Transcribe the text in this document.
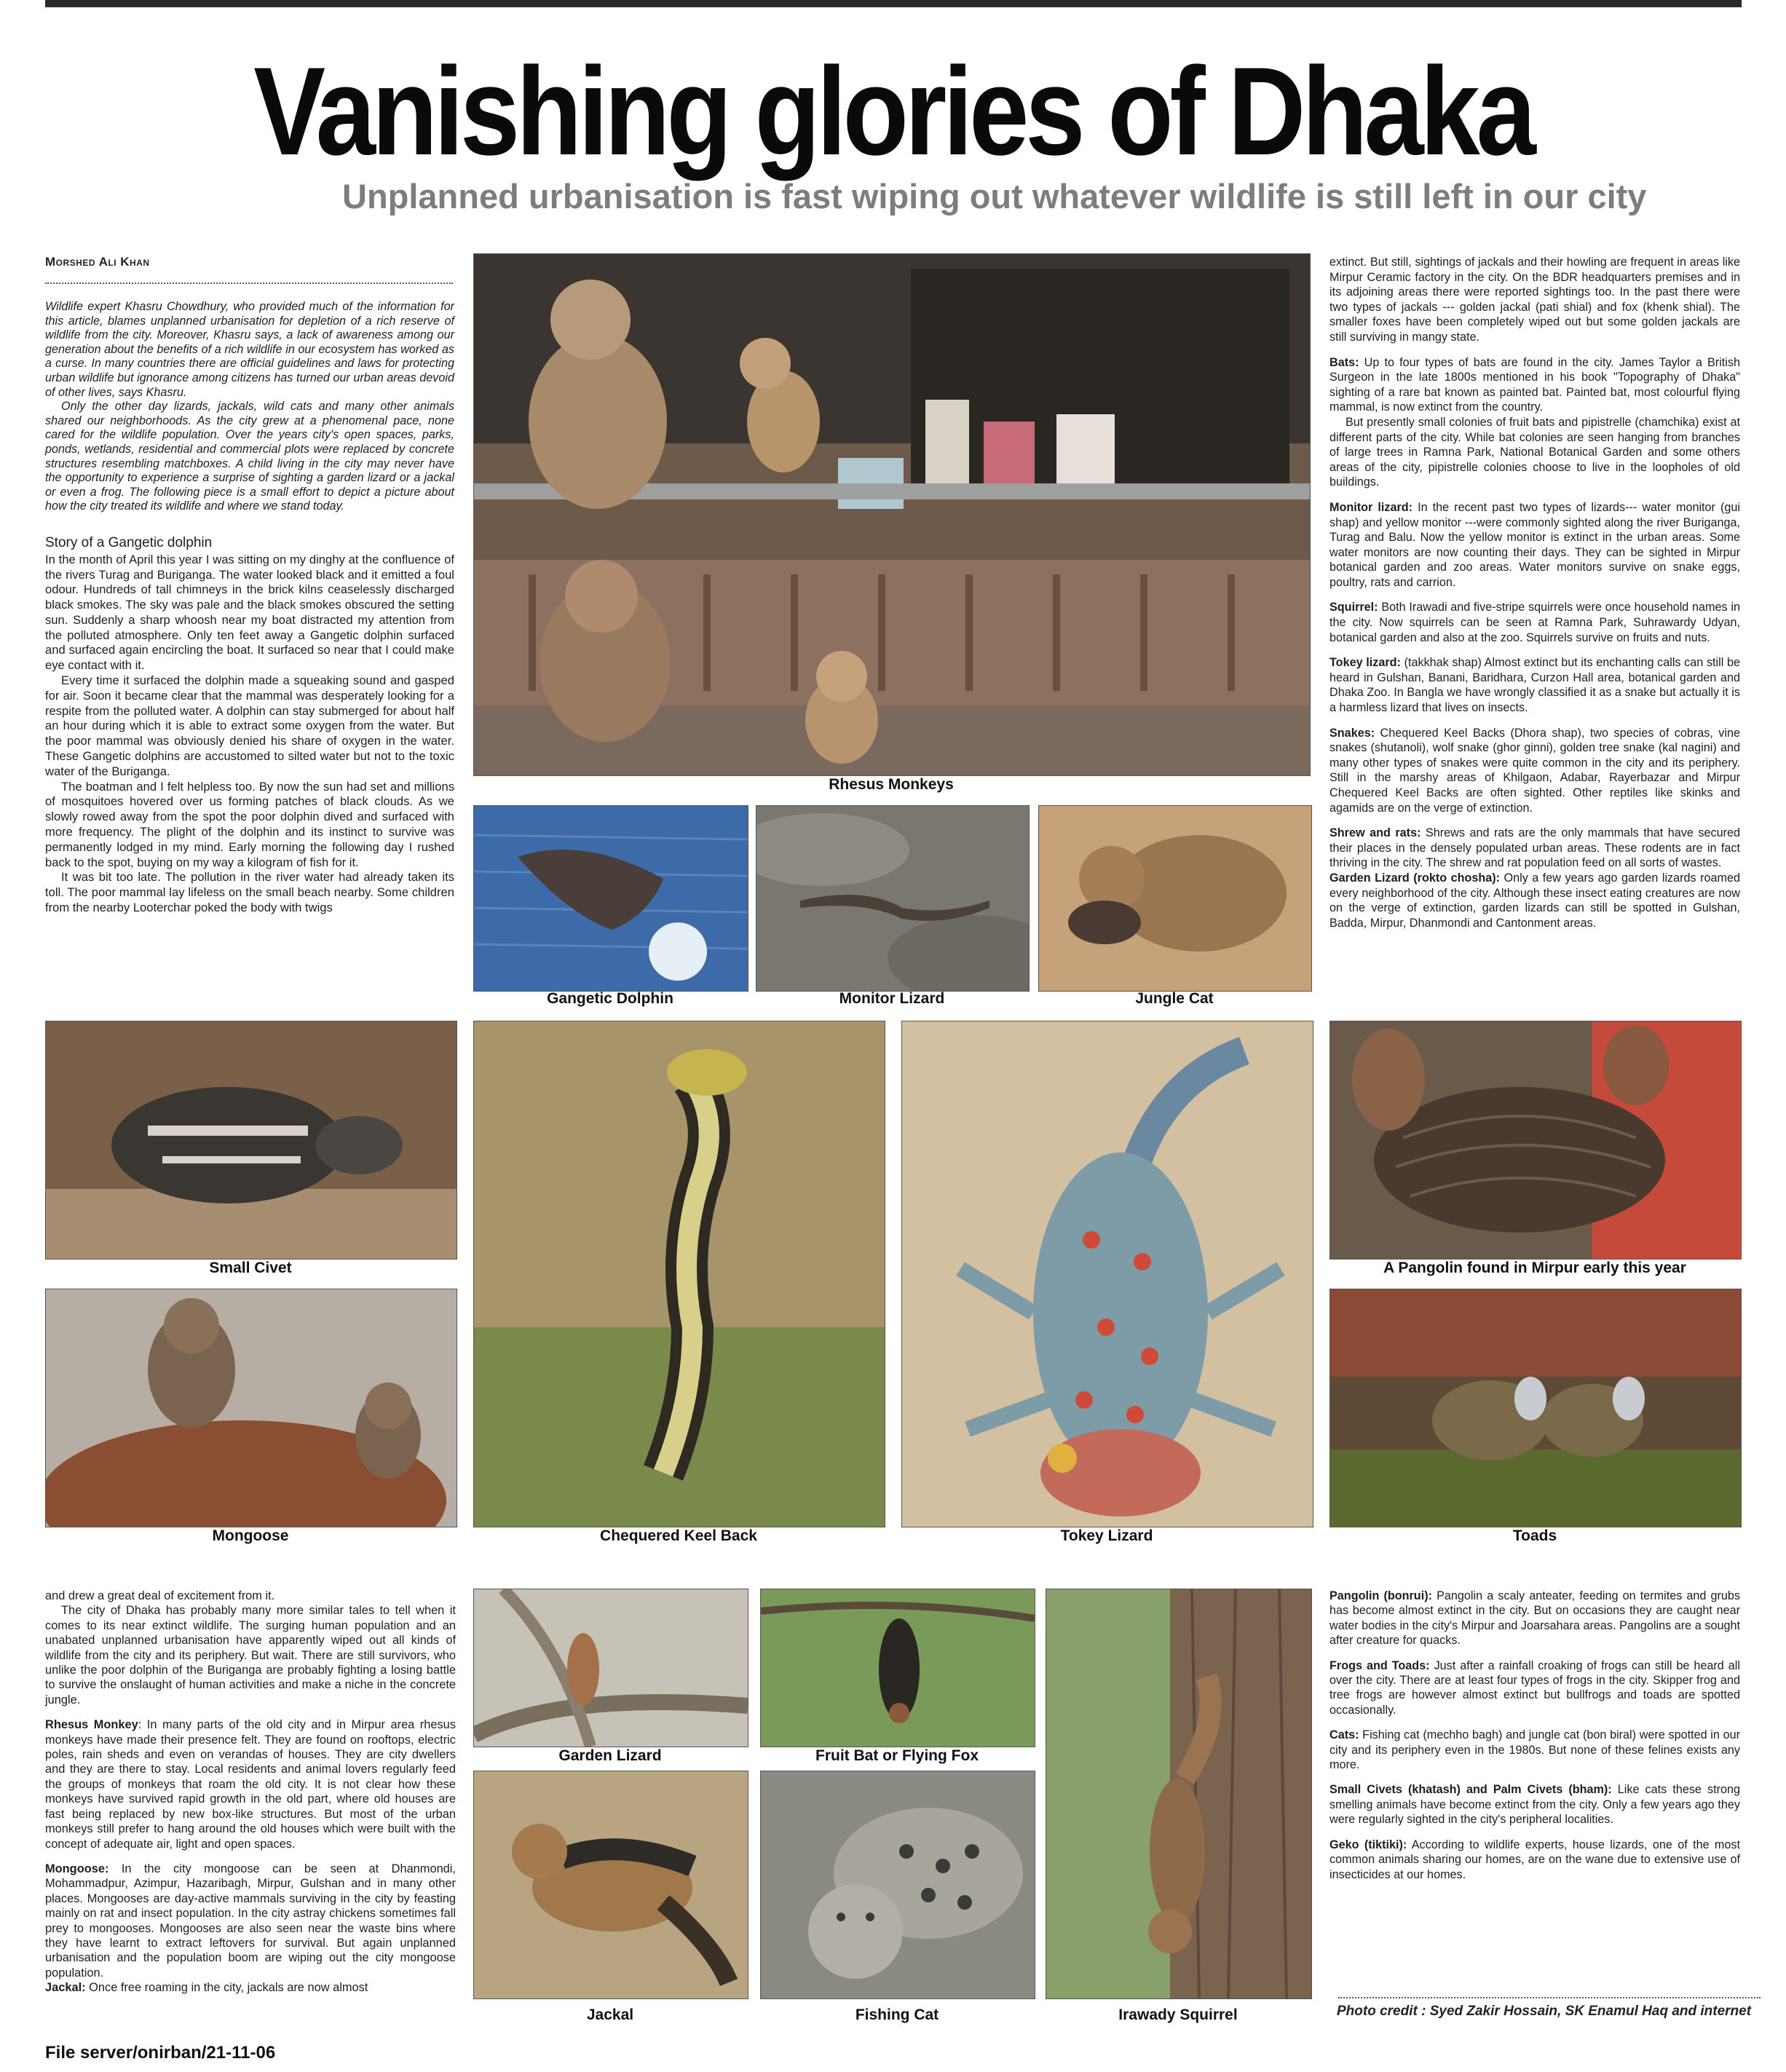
Vanishing glories of Dhaka
Unplanned urbanisation is fast wiping out whatever wildlife is still left in our city
Morshed Ali Khan

Wildlife expert Khasru Chowdhury, who provided much of the information for this article, blames unplanned urbanisation for depletion of a rich reserve of wildlife from the city. Moreover, Khasru says, a lack of awareness among our generation about the benefits of a rich wildlife in our ecosystem has worked as a curse. In many countries there are official guidelines and laws for protecting urban wildlife but ignorance among citizens has turned our urban areas devoid of other lives, says Khasru.

Only the other day lizards, jackals, wild cats and many other animals shared our neighborhoods. As the city grew at a phenomenal pace, none cared for the wildlife population. Over the years city's open spaces, parks, ponds, wetlands, residential and commercial plots were replaced by concrete structures resembling matchboxes. A child living in the city may never have the opportunity to experience a surprise of sighting a garden lizard or a jackal or even a frog. The following piece is a small effort to depict a picture about how the city treated its wildlife and where we stand today.

Story of a Gangetic dolphin

In the month of April this year I was sitting on my dinghy at the confluence of the rivers Turag and Buriganga. The water looked black and it emitted a foul odour. Hundreds of tall chimneys in the brick kilns ceaselessly discharged black smokes. The sky was pale and the black smokes obscured the setting sun. Suddenly a sharp whoosh near my boat distracted my attention from the polluted atmosphere. Only ten feet away a Gangetic dolphin surfaced and surfaced again encircling the boat. It surfaced so near that I could make eye contact with it.

Every time it surfaced the dolphin made a squeaking sound and gasped for air. Soon it became clear that the mammal was desperately looking for a respite from the polluted water. A dolphin can stay submerged for about half an hour during which it is able to extract some oxygen from the water. But the poor mammal was obviously denied his share of oxygen in the water. These Gangetic dolphins are accustomed to silted water but not to the toxic water of the Buriganga.

The boatman and I felt helpless too. By now the sun had set and millions of mosquitoes hovered over us forming patches of black clouds. As we slowly rowed away from the spot the poor dolphin dived and surfaced with more frequency. The plight of the dolphin and its instinct to survive was permanently lodged in my mind. Early morning the following day I rushed back to the spot, buying on my way a kilogram of fish for it.

It was bit too late. The pollution in the river water had already taken its toll. The poor mammal lay lifeless on the small beach nearby. Some children from the nearby Looterchar poked the body with twigs

extinct. But still, sightings of jackals and their howling are frequent in areas like Mirpur Ceramic factory in the city. On the BDR headquarters premises and in its adjoining areas there were reported sightings too. In the past there were two types of jackals --- golden jackal (pati shial) and fox (khenk shial). The smaller foxes have been completely wiped out but some golden jackals are still surviving in mangy state.

Bats: Up to four types of bats are found in the city. James Taylor a British Surgeon in the late 1800s mentioned in his book "Topography of Dhaka" sighting of a rare bat known as painted bat. Painted bat, most colourful flying mammal, is now extinct from the country.

But presently small colonies of fruit bats and pipistrelle (chamchika) exist at different parts of the city. While bat colonies are seen hanging from branches of large trees in Ramna Park, National Botanical Garden and some others areas of the city, pipistrelle colonies choose to live in the loopholes of old buildings.

Monitor lizard: In the recent past two types of lizards--- water monitor (gui shap) and yellow monitor ---were commonly sighted along the river Buriganga, Turag and Balu. Now the yellow monitor is extinct in the urban areas. Some water monitors are now counting their days. They can be sighted in Mirpur botanical garden and zoo areas. Water monitors survive on snake eggs, poultry, rats and carrion.

Squirrel: Both Irawadi and five-stripe squirrels were once household names in the city. Now squirrels can be seen at Ramna Park, Suhrawardy Udyan, botanical garden and also at the zoo. Squirrels survive on fruits and nuts.

Tokey lizard: (takkhak shap) Almost extinct but its enchanting calls can still be heard in Gulshan, Banani, Baridhara, Curzon Hall area, botanical garden and Dhaka Zoo. In Bangla we have wrongly classified it as a snake but actually it is a harmless lizard that lives on insects.

Snakes: Chequered Keel Backs (Dhora shap), two species of cobras, vine snakes (shutanoli), wolf snake (ghor ginni), golden tree snake (kal nagini) and many other types of snakes were quite common in the city and its periphery. Still in the marshy areas of Khilgaon, Adabar, Rayerbazar and Mirpur Chequered Keel Backs are often sighted. Other reptiles like skinks and agamids are on the verge of extinction.

Shrew and rats: Shrews and rats are the only mammals that have secured their places in the densely populated urban areas. These rodents are in fact thriving in the city. The shrew and rat population feed on all sorts of wastes.

Garden Lizard (rokto chosha): Only a few years ago garden lizards roamed every neighborhood of the city. Although these insect eating creatures are now on the verge of extinction, garden lizards can still be spotted in Gulshan, Badda, Mirpur, Dhanmondi and Cantonment areas.

Rhesus Monkeys
Gangetic Dolphin	Monitor Lizard	Jungle Cat
Small Civet
Mongoose	Chequered Keel Back	Tokey Lizard
A Pangolin found in Mirpur early this year
Toads

and drew a great deal of excitement from it.

The city of Dhaka has probably many more similar tales to tell when it comes to its near extinct wildlife. The surging human population and an unabated unplanned urbanisation have apparently wiped out all kinds of wildlife from the city and its periphery. But wait. There are still survivors, who unlike the poor dolphin of the Buriganga are probably fighting a losing battle to survive the onslaught of human activities and make a niche in the concrete jungle.

Rhesus Monkey: In many parts of the old city and in Mirpur area rhesus monkeys have made their presence felt. They are found on rooftops, electric poles, rain sheds and even on verandas of houses. They are city dwellers and they are there to stay. Local residents and animal lovers regularly feed the groups of monkeys that roam the old city. It is not clear how these monkeys have survived rapid growth in the old part, where old houses are fast being replaced by new box-like structures. But most of the urban monkeys still prefer to hang around the old houses which were built with the concept of adequate air, light and open spaces.

Mongoose: In the city mongoose can be seen at Dhanmondi, Mohammadpur, Azimpur, Hazaribagh, Mirpur, Gulshan and in many other places. Mongooses are day-active mammals surviving in the city by feasting mainly on rat and insect population. In the city astray chickens sometimes fall prey to mongooses. Mongooses are also seen near the waste bins where they have learnt to extract leftovers for survival. But again unplanned urbanisation and the population boom are wiping out the city mongoose population.

Jackal: Once free roaming in the city, jackals are now almost

Garden Lizard	Fruit Bat or Flying Fox
Jackal	Fishing Cat	Irawady Squirrel

Pangolin (bonrui): Pangolin a scaly anteater, feeding on termites and grubs has become almost extinct in the city. But on occasions they are caught near water bodies in the city's Mirpur and Joarsahara areas. Pangolins are a sought after creature for quacks.

Frogs and Toads: Just after a rainfall croaking of frogs can still be heard all over the city. There are at least four types of frogs in the city. Skipper frog and tree frogs are however almost extinct but bullfrogs and toads are spotted occasionally.

Cats: Fishing cat (mechho bagh) and jungle cat (bon biral) were spotted in our city and its periphery even in the 1980s. But none of these felines exists any more.

Small Civets (khatash) and Palm Civets (bham): Like cats these strong smelling animals have become extinct from the city. Only a few years ago they were regularly sighted in the city's peripheral localities.

Geko (tiktiki): According to wildlife experts, house lizards, one of the most common animals sharing our homes, are on the wane due to extensive use of insecticides at our homes.

Photo credit : Syed Zakir Hossain, SK Enamul Haq and internet
File server/onirban/21-11-06
